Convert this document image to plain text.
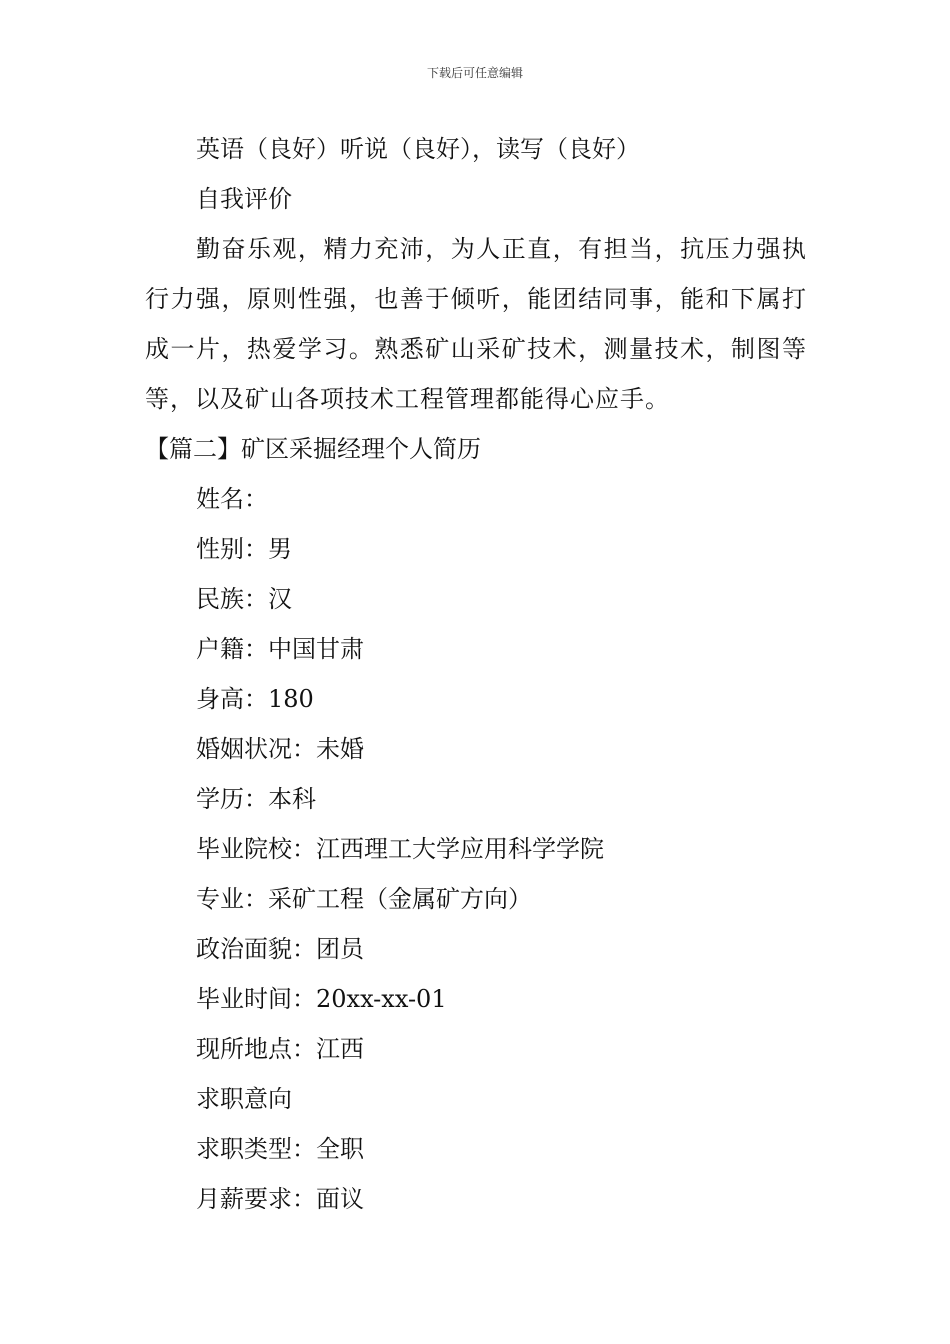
下载后可任意编辑
英语（良好）听说（良好），读写（良好）
自我评价
勤奋乐观，精力充沛，为人正直，有担当，抗压力强执行力强，原则性强，也善于倾听，能团结同事，能和下属打成一片，热爱学习。熟悉矿山采矿技术，测量技术，制图等等，以及矿山各项技术工程管理都能得心应手。
【篇二】矿区采掘经理个人简历
姓名：
性别：男
民族：汉
户籍：中国甘肃
身高：180
婚姻状况：未婚
学历：本科
毕业院校：江西理工大学应用科学学院
专业：采矿工程（金属矿方向）
政治面貌：团员
毕业时间：20xx-xx-01
现所地点：江西
求职意向
求职类型：全职
月薪要求：面议
